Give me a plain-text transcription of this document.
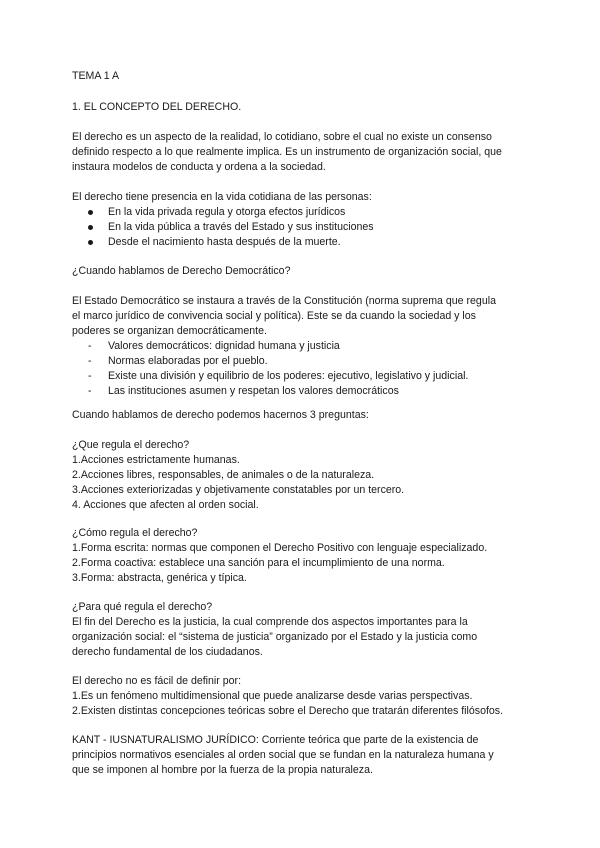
TEMA 1 A

1. EL CONCEPTO DEL DERECHO.

El derecho es un aspecto de la realidad, lo cotidiano, sobre el cual no existe un consenso

definido respecto a lo que realmente implica. Es un instrumento de organización social, que

instaura modelos de conducta y ordena a la sociedad.

El derecho tiene presencia en la vida cotidiana de las personas:

En la vida privada regula y otorga efectos jurídicos
En la vida pública a través del Estado y sus instituciones
Desde el nacimiento hasta después de la muerte.

¿Cuando hablamos de Derecho Democrático?

El Estado Democrático se instaura a través de la Constitución (norma suprema que regula

el marco jurídico de convivencia social y política). Este se da cuando la sociedad y los

poderes se organizan democráticamente.

- Valores democráticos: dignidad humana y justicia
- Normas elaboradas por el pueblo.
- Existe una división y equilibrio de los poderes: ejecutivo, legislativo y judicial.
- Las instituciones asumen y respetan los valores democráticos

Cuando hablamos de derecho podemos hacernos 3 preguntas:

¿Que regula el derecho?

1.Acciones estrictamente humanas.

2.Acciones libres, responsables, de animales o de la naturaleza.

3.Acciones exteriorizadas y objetivamente constatables por un tercero.

4. Acciones que afecten al orden social.

¿Cómo regula el derecho?

1.Forma escrita: normas que componen el Derecho Positivo con lenguaje especializado.

2.Forma coactiva: establece una sanción para el incumplimiento de una norma.

3.Forma: abstracta, genérica y típica.

¿Para qué regula el derecho?

El fin del Derecho es la justicia, la cual comprende dos aspectos importantes para la

organización social: el “sistema de justicia” organizado por el Estado y la justicia como

derecho fundamental de los ciudadanos.

El derecho no es fácil de definir por:

1.Es un fenómeno multidimensional que puede analizarse desde varias perspectivas.

2.Existen distintas concepciones teóricas sobre el Derecho que tratarán diferentes filósofos.

KANT - IUSNATURALISMO JURÍDICO: Corriente teórica que parte de la existencia de

principios normativos esenciales al orden social que se fundan en la naturaleza humana y

que se imponen al hombre por la fuerza de la propia naturaleza.
